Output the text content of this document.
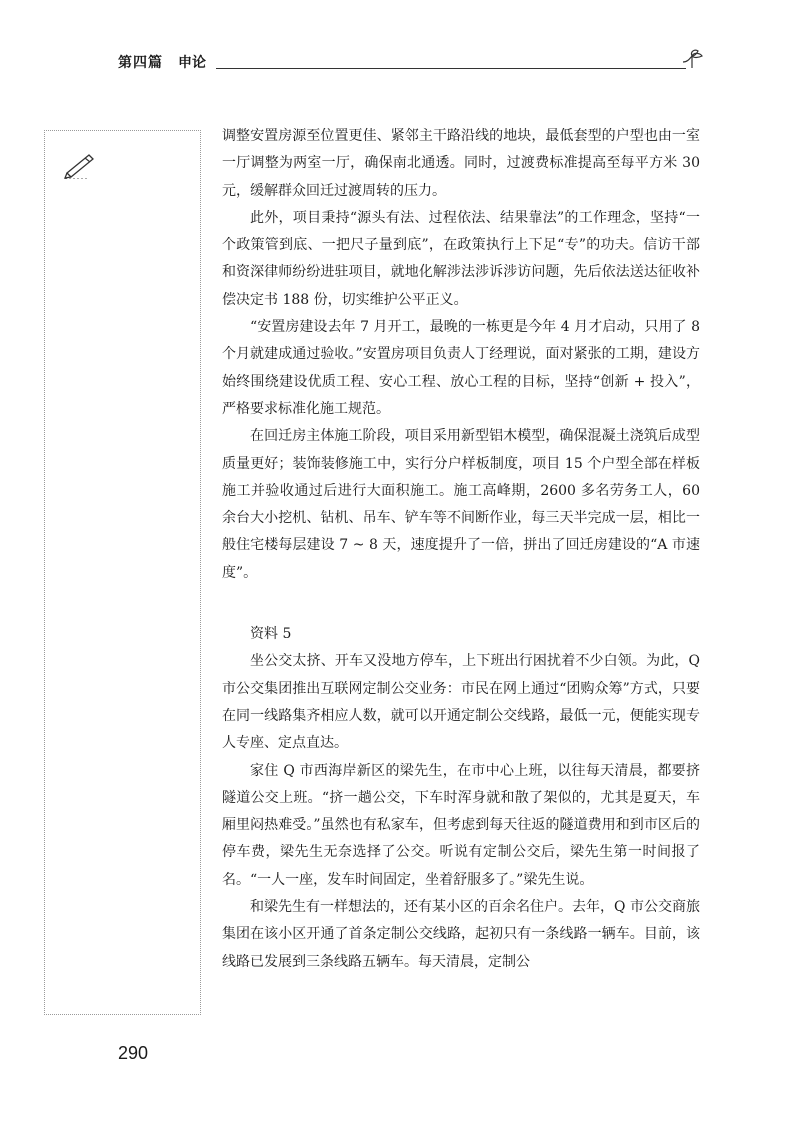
第四篇 申论

调整安置房源至位置更佳、紧邻主干路沿线的地块，最低套型的户型也由一室一厅调整为两室一厅，确保南北通透。同时，过渡费标准提高至每平方米 30 元，缓解群众回迁过渡周转的压力。

此外，项目秉持“源头有法、过程依法、结果靠法”的工作理念，坚持“一个政策管到底、一把尺子量到底”，在政策执行上下足“专”的功夫。信访干部和资深律师纷纷进驻项目，就地化解涉法涉诉涉访问题，先后依法送达征收补偿决定书 188 份，切实维护公平正义。

“安置房建设去年 7 月开工，最晚的一栋更是今年 4 月才启动，只用了 8 个月就建成通过验收。”安置房项目负责人丁经理说，面对紧张的工期，建设方始终围绕建设优质工程、安心工程、放心工程的目标，坚持“创新 + 投入”，严格要求标准化施工规范。

在回迁房主体施工阶段，项目采用新型铝木模型，确保混凝土浇筑后成型质量更好；装饰装修施工中，实行分户样板制度，项目 15 个户型全部在样板施工并验收通过后进行大面积施工。施工高峰期，2600 多名劳务工人，60 余台大小挖机、钻机、吊车、铲车等不间断作业，每三天半完成一层，相比一般住宅楼每层建设 7 ~ 8 天，速度提升了一倍，拼出了回迁房建设的“A 市速度”。

资料 5

坐公交太挤、开车又没地方停车，上下班出行困扰着不少白领。为此，Q 市公交集团推出互联网定制公交业务：市民在网上通过“团购众筹”方式，只要在同一线路集齐相应人数，就可以开通定制公交线路，最低一元，便能实现专人专座、定点直达。

家住 Q 市西海岸新区的梁先生，在市中心上班，以往每天清晨，都要挤隧道公交上班。“挤一趟公交，下车时浑身就和散了架似的，尤其是夏天，车厢里闷热难受。”虽然也有私家车，但考虑到每天往返的隧道费用和到市区后的停车费，梁先生无奈选择了公交。听说有定制公交后，梁先生第一时间报了名。“一人一座，发车时间固定，坐着舒服多了。”梁先生说。

和梁先生有一样想法的，还有某小区的百余名住户。去年，Q 市公交商旅集团在该小区开通了首条定制公交线路，起初只有一条线路一辆车。目前，该线路已发展到三条线路五辆车。每天清晨，定制公

290
